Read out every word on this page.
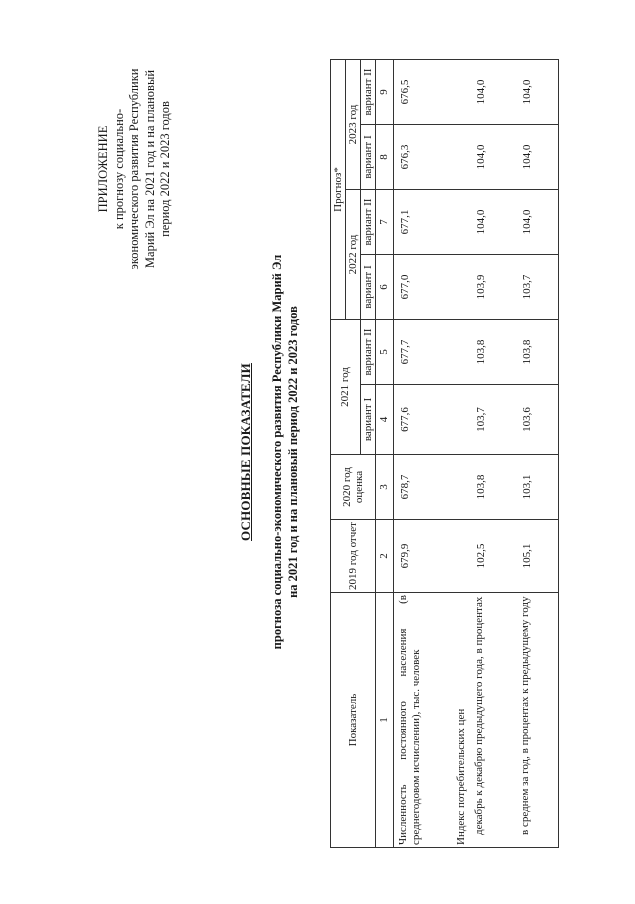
ПРИЛОЖЕНИЕ к прогнозу социально- экономического развития Республики Марий Эл на 2021 год и на плановый период 2022 и 2023 годов
ОСНОВНЫЕ ПОКАЗАТЕЛИ прогноза социально-экономического развития Республики Марий Эл на 2021 год и на плановый период 2022 и 2023 годов
Показатель	2019 год отчет	2020 год оценка	2021 год		Прогноз*			
					2022 год		2023 год	
			вариант I	вариант II	вариант I	вариант II	вариант I	вариант II
1	2	3	4	5	6	7	8	9
Численность постоянного населения (в среднегодовом исчислении), тыс. человек	679,9	678,7	677,6	677,7	677,0	677,1	676,3	676,5
Индекс потребительских цен								
декабрь к декабрю предыдущего года, в процентах	102,5	103,8	103,7	103,8	103,9	104,0	104,0	104,0
в среднем за год, в процентах к предыдущему году	105,1	103,1	103,6	103,8	103,7	104,0	104,0	104,0
